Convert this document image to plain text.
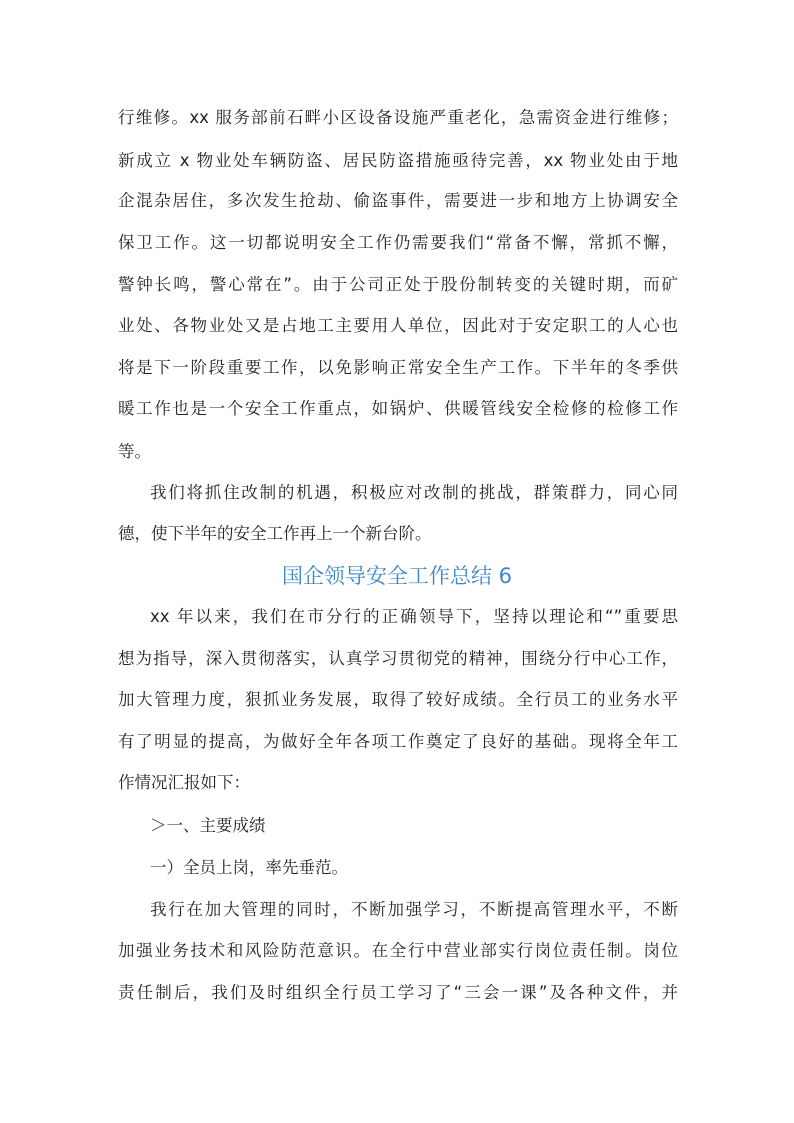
行维修。xx 服务部前石畔小区设备设施严重老化，急需资金进行维修；
新成立 x 物业处车辆防盗、居民防盗措施亟待完善，xx 物业处由于地
企混杂居住，多次发生抢劫、偷盗事件，需要进一步和地方上协调安全
保卫工作。这一切都说明安全工作仍需要我们“常备不懈，常抓不懈，
警钟长鸣，警心常在”。由于公司正处于股份制转变的关键时期，而矿
业处、各物业处又是占地工主要用人单位，因此对于安定职工的人心也
将是下一阶段重要工作，以免影响正常安全生产工作。下半年的冬季供
暖工作也是一个安全工作重点，如锅炉、供暖管线安全检修的检修工作
等。
我们将抓住改制的机遇，积极应对改制的挑战，群策群力，同心同
德，使下半年的安全工作再上一个新台阶。
国企领导安全工作总结 6
xx 年以来，我们在市分行的正确领导下，坚持以理论和“”重要思
想为指导，深入贯彻落实，认真学习贯彻党的精神，围绕分行中心工作，
加大管理力度，狠抓业务发展，取得了较好成绩。全行员工的业务水平
有了明显的提高，为做好全年各项工作奠定了良好的基础。现将全年工
作情况汇报如下：
＞一、主要成绩
一）全员上岗，率先垂范。
我行在加大管理的同时，不断加强学习，不断提高管理水平，不断
加强业务技术和风险防范意识。在全行中营业部实行岗位责任制。岗位
责任制后，我们及时组织全行员工学习了“三会一课”及各种文件，并
